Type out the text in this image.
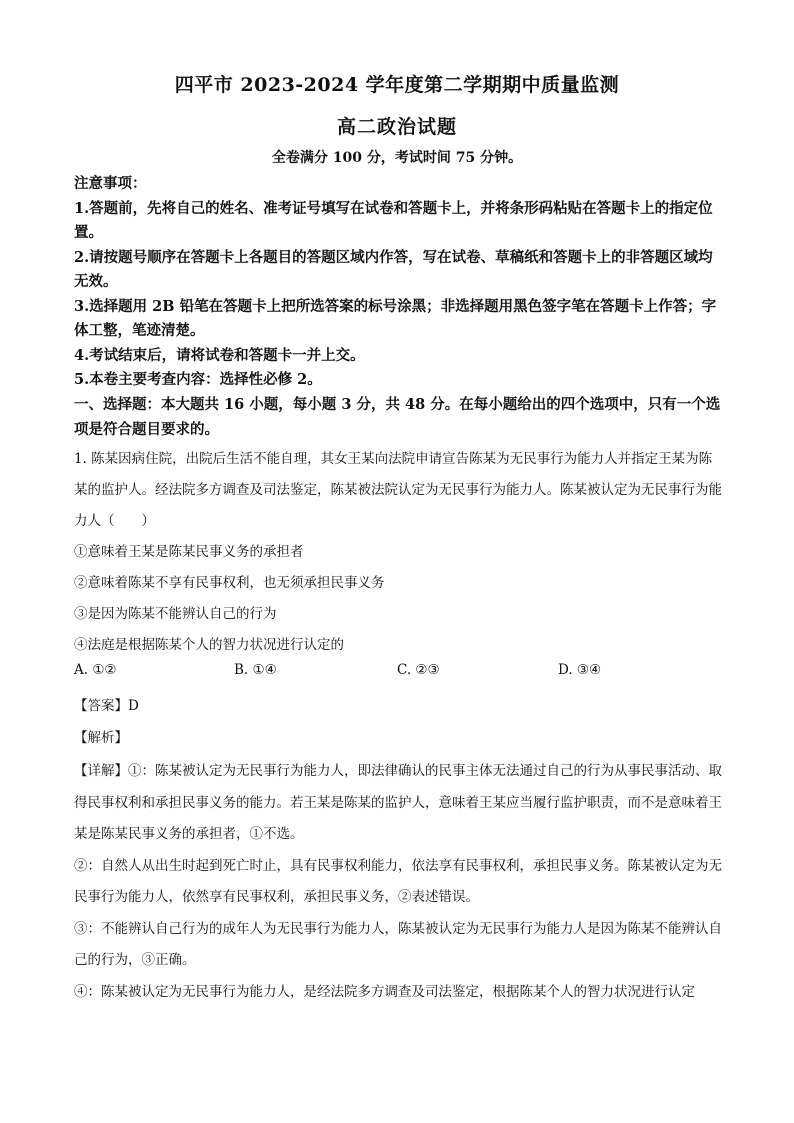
四平市 2023-2024 学年度第二学期期中质量监测
高二政治试题
全卷满分 100 分，考试时间 75 分钟。

注意事项：

1.答题前，先将自己的姓名、准考证号填写在试卷和答题卡上，并将条形码粘贴在答题卡上的指定位置。

2.请按题号顺序在答题卡上各题目的答题区域内作答，写在试卷、草稿纸和答题卡上的非答题区域均无效。

3.选择题用 2B 铅笔在答题卡上把所选答案的标号涂黑；非选择题用黑色签字笔在答题卡上作答；字体工整，笔迹清楚。

4.考试结束后，请将试卷和答题卡一并上交。

5.本卷主要考查内容：选择性必修 2。

一、选择题：本大题共 16 小题，每小题 3 分，共 48 分。在每小题给出的四个选项中，只有一个选项是符合题目要求的。

1. 陈某因病住院，出院后生活不能自理，其女王某向法院申请宣告陈某为无民事行为能力人并指定王某为陈某的监护人。经法院多方调查及司法鉴定，陈某被法院认定为无民事行为能力人。陈某被认定为无民事行为能力人（　　）

①意味着王某是陈某民事义务的承担者

②意味着陈某不享有民事权利，也无须承担民事义务

③是因为陈某不能辨认自己的行为

④法庭是根据陈某个人的智力状况进行认定的

A. ①②	B. ①④	C. ②③	D. ③④
【答案】D
【解析】

【详解】①：陈某被认定为无民事行为能力人，即法律确认的民事主体无法通过自己的行为从事民事活动、取得民事权利和承担民事义务的能力。若王某是陈某的监护人，意味着王某应当履行监护职责，而不是意味着王某是陈某民事义务的承担者，①不选。

②：自然人从出生时起到死亡时止，具有民事权利能力，依法享有民事权利，承担民事义务。陈某被认定为无民事行为能力人，依然享有民事权利，承担民事义务，②表述错误。

③：不能辨认自己行为的成年人为无民事行为能力人，陈某被认定为无民事行为能力人是因为陈某不能辨认自己的行为，③正确。

④：陈某被认定为无民事行为能力人，是经法院多方调查及司法鉴定，根据陈某个人的智力状况进行认定
